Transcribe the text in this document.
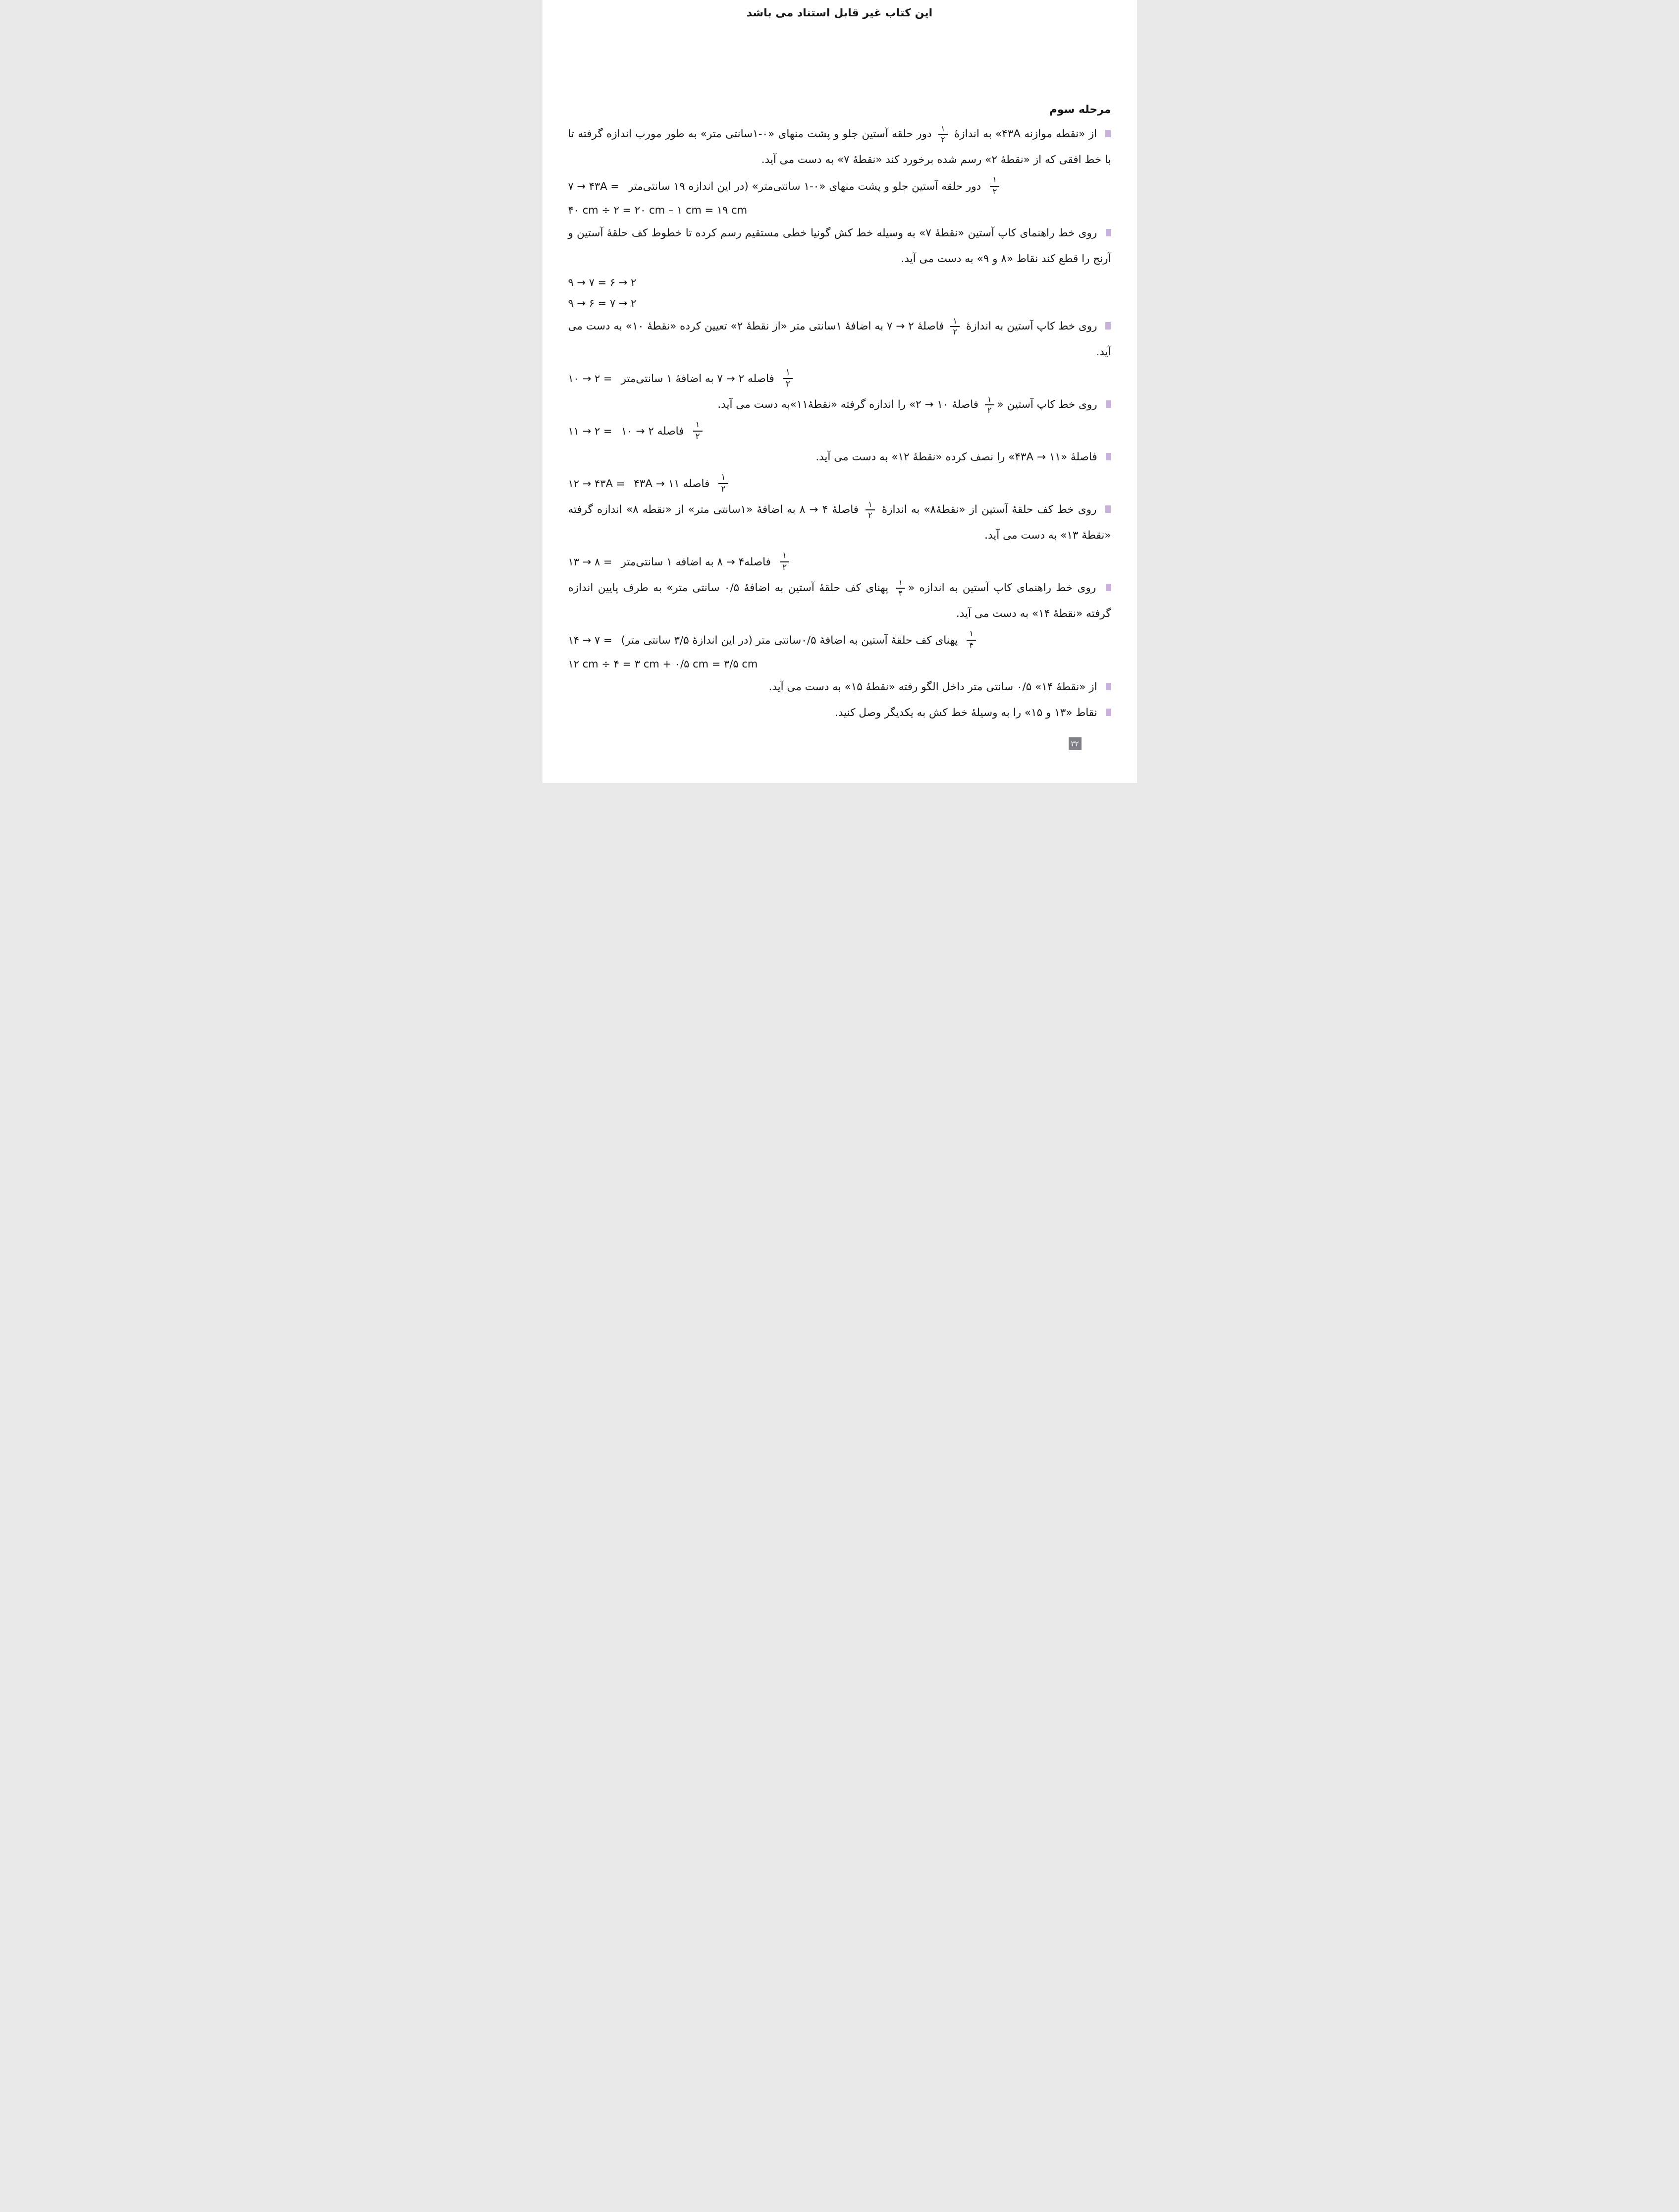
این کتاب غیر قابل استناد می باشد
مرحله سوم

از «نقطه موازنه ۴۳A» به اندازۀ
$\frac{۱}{۲}$
دور حلقه آستین جلو و پشت منهای «۰-۱سانتی متر» به طور مورب اندازه گرفته تا با خط افقی که از «نقطۀ ۲» رسم شده برخورد کند «نقطۀ ۷» به دست می آید.

۷ → ۴۳A = دور حلقه آستین جلو و پشت منهای «۰-۱ سانتی‌متر» (در این اندازه ۱۹ سانتی‌متر $\frac{۱}{۲}$
۴۰ cm ÷ ۲ = ۲۰ cm – ۱ cm = ۱۹ cm

روی خط راهنمای کاپ آستین «نقطۀ ۷» به وسیله خط کش گونیا خطی مستقیم رسم کرده تا خطوط کف حلقۀ آستین و آرنج را قطع کند نقاط «۸ و ۹» به دست می آید.

۹ → ۷ = ۶ → ۲
۹ → ۶ = ۷ → ۲

روی خط کاپ آستین به اندازۀ
$\frac{۱}{۲}$
فاصلۀ ۲ → ۷ به اضافۀ ۱سانتی متر «از نقطۀ ۲» تعیین کرده «نقطۀ ۱۰» به دست می آید.

۱۰ → ۲ = فاصله ۲ → ۷ به اضافۀ ۱ سانتی‌متر $\frac{۱}{۲}$

روی خط کاپ آستین «
$\frac{۱}{۲}$
فاصلۀ ۱۰ → ۲» را اندازه گرفته «نقطۀ۱۱»به دست می آید.

۱۱ → ۲ = فاصله ۲ → ۱۰ $\frac{۱}{۲}$

فاصلۀ «۱۱ → ۴۳A» را نصف کرده «نقطۀ ۱۲» به دست می آید.

۱۲ → ۴۳A = فاصله ۴۳A → ۱۱ $\frac{۱}{۲}$

روی خط کف حلقۀ آستین از «نقطۀ۸» به اندازۀ
$\frac{۱}{۲}$
فاصلۀ ۴ → ۸ به اضافۀ «۱سانتی متر» از «نقطه ۸» اندازه گرفته «نقطۀ ۱۳» به دست می آید.

۱۳ → ۸ = فاصله۴ → ۸ به اضافه ۱ سانتی‌متر $\frac{۱}{۲}$

روی خط راهنمای کاپ آستین به اندازه «
$\frac{۱}{۴}$
پهنای کف حلقۀ آستین به اضافۀ ۰/۵ سانتی متر» به طرف پایین اندازه گرفته «نقطۀ ۱۴» به دست می آید.

۱۴ → ۷ = پهنای کف حلقۀ آستین به اضافۀ ۰/۵سانتی متر (در این اندازۀ ۳/۵ سانتی متر) $\frac{۱}{۴}$
۱۲ cm ÷ ۴ = ۳ cm + ۰/۵ cm = ۳/۵ cm

از «نقطۀ ۱۴» ۰/۵ سانتی متر داخل الگو رفته «نقطۀ ۱۵» به دست می آید.

نقاط «۱۳ و ۱۵» را به وسیلۀ خط کش به یکدیگر وصل کنید.

۳۲
